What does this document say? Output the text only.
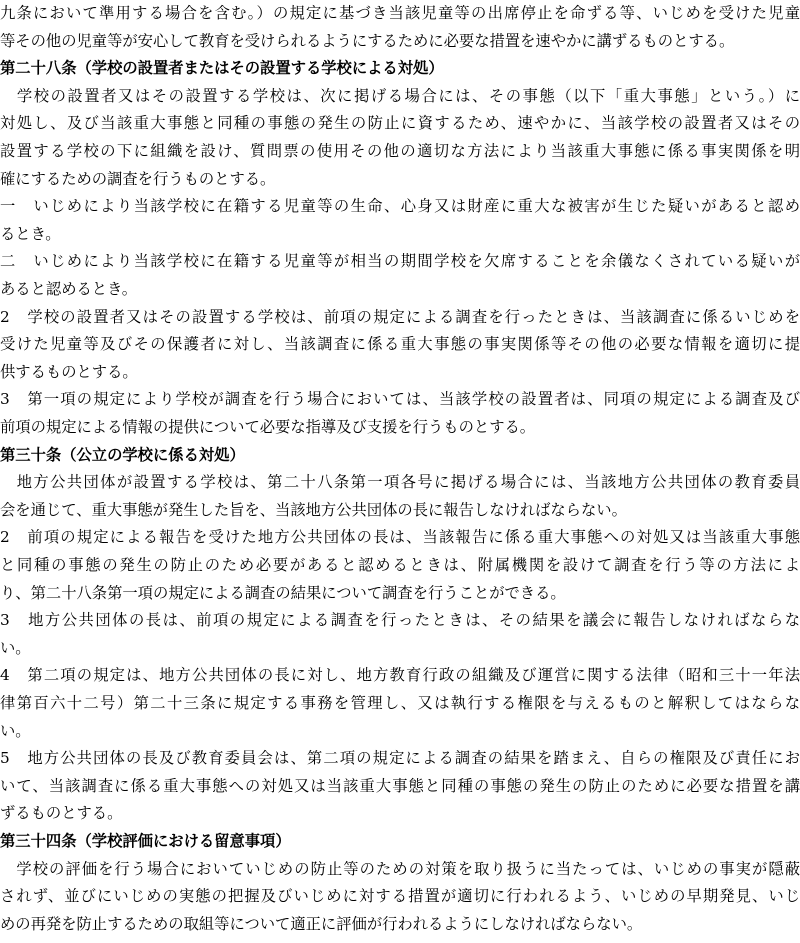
九条において準用する場合を含む。）の規定に基づき当該児童等の出席停止を命ずる等、いじめを受けた児童
等その他の児童等が安心して教育を受けられるようにするために必要な措置を速やかに講ずるものとする。
第二十八条（学校の設置者またはその設置する学校による対処）
　学校の設置者又はその設置する学校は、次に掲げる場合には、その事態（以下「重大事態」という。）に
対処し、及び当該重大事態と同種の事態の発生の防止に資するため、速やかに、当該学校の設置者又はその
設置する学校の下に組織を設け、質問票の使用その他の適切な方法により当該重大事態に係る事実関係を明
確にするための調査を行うものとする。
一　いじめにより当該学校に在籍する児童等の生命、心身又は財産に重大な被害が生じた疑いがあると認め
るとき。
二　いじめにより当該学校に在籍する児童等が相当の期間学校を欠席することを余儀なくされている疑いが
あると認めるとき。
2　学校の設置者又はその設置する学校は、前項の規定による調査を行ったときは、当該調査に係るいじめを
受けた児童等及びその保護者に対し、当該調査に係る重大事態の事実関係等その他の必要な情報を適切に提
供するものとする。
3　第一項の規定により学校が調査を行う場合においては、当該学校の設置者は、同項の規定による調査及び
前項の規定による情報の提供について必要な指導及び支援を行うものとする。
第三十条（公立の学校に係る対処）
　地方公共団体が設置する学校は、第二十八条第一項各号に掲げる場合には、当該地方公共団体の教育委員
会を通じて、重大事態が発生した旨を、当該地方公共団体の長に報告しなければならない。
2　前項の規定による報告を受けた地方公共団体の長は、当該報告に係る重大事態への対処又は当該重大事態
と同種の事態の発生の防止のため必要があると認めるときは、附属機関を設けて調査を行う等の方法によ
り、第二十八条第一項の規定による調査の結果について調査を行うことができる。
3　地方公共団体の長は、前項の規定による調査を行ったときは、その結果を議会に報告しなければならな
い。
4　第二項の規定は、地方公共団体の長に対し、地方教育行政の組織及び運営に関する法律（昭和三十一年法
律第百六十二号）第二十三条に規定する事務を管理し、又は執行する権限を与えるものと解釈してはならな
い。
5　地方公共団体の長及び教育委員会は、第二項の規定による調査の結果を踏まえ、自らの権限及び責任にお
いて、当該調査に係る重大事態への対処又は当該重大事態と同種の事態の発生の防止のために必要な措置を講
ずるものとする。
第三十四条（学校評価における留意事項）
　学校の評価を行う場合においていじめの防止等のための対策を取り扱うに当たっては、いじめの事実が隠蔽
されず、並びにいじめの実態の把握及びいじめに対する措置が適切に行われるよう、いじめの早期発見、いじ
めの再発を防止するための取組等について適正に評価が行われるようにしなければならない。
